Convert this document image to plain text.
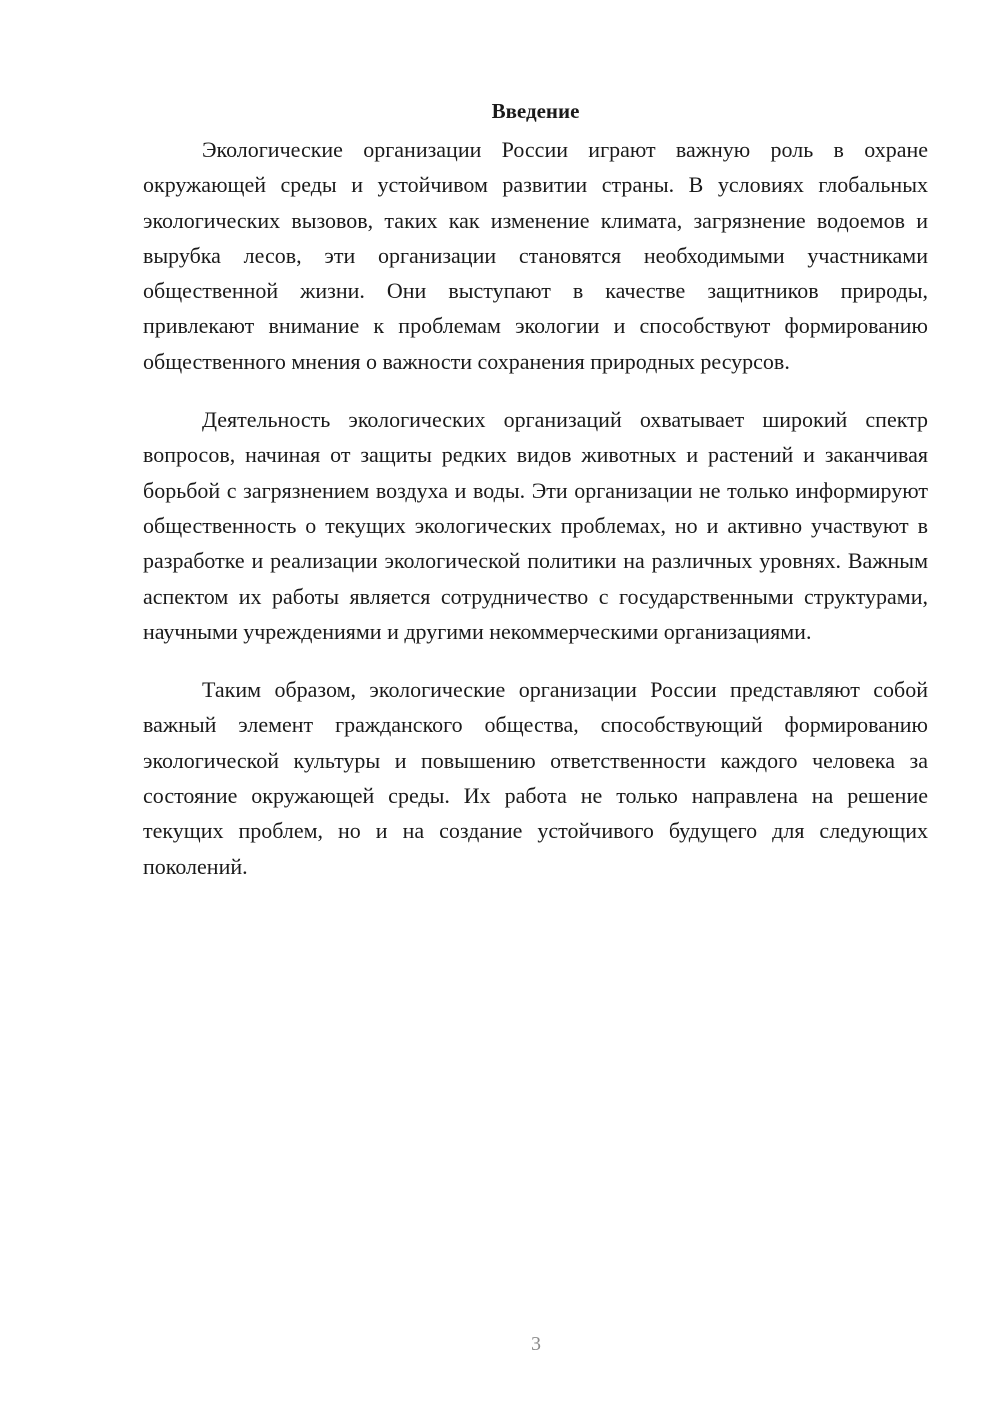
Введение

Экологические организации России играют важную роль в охране окружающей среды и устойчивом развитии страны. В условиях глобальных экологических вызовов, таких как изменение климата, загрязнение водоемов и вырубка лесов, эти организации становятся необходимыми участниками общественной жизни. Они выступают в качестве защитников природы, привлекают внимание к проблемам экологии и способствуют формированию общественного мнения о важности сохранения природных ресурсов.

Деятельность экологических организаций охватывает широкий спектр вопросов, начиная от защиты редких видов животных и растений и заканчивая борьбой с загрязнением воздуха и воды. Эти организации не только информируют общественность о текущих экологических проблемах, но и активно участвуют в разработке и реализации экологической политики на различных уровнях. Важным аспектом их работы является сотрудничество с государственными структурами, научными учреждениями и другими некоммерческими организациями.

Таким образом, экологические организации России представляют собой важный элемент гражданского общества, способствующий формированию экологической культуры и повышению ответственности каждого человека за состояние окружающей среды. Их работа не только направлена на решение текущих проблем, но и на создание устойчивого будущего для следующих поколений.

3
